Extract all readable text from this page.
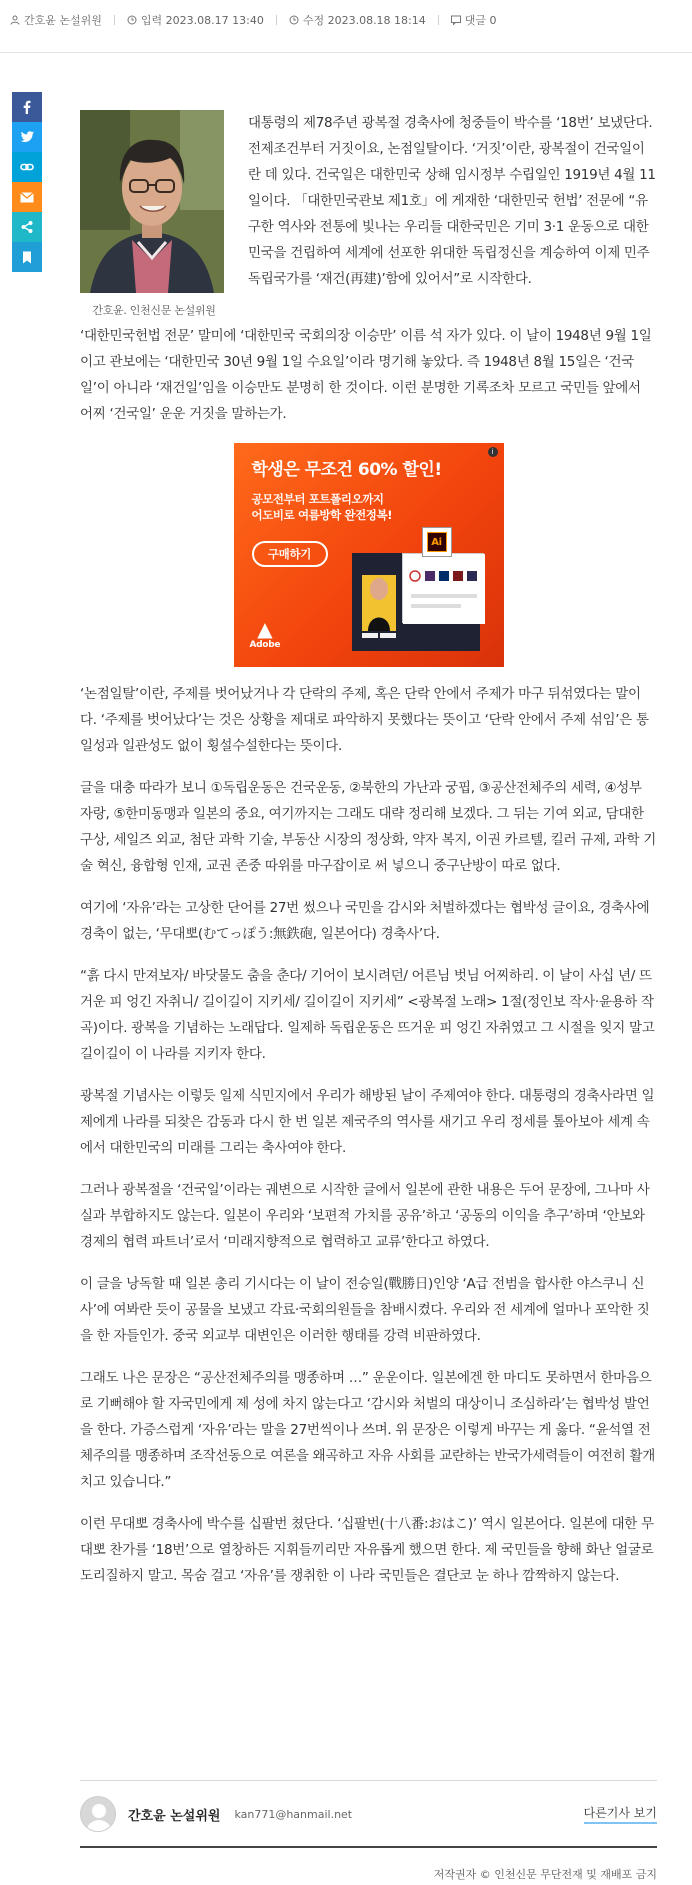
간호윤 논설위원	입력 2023.08.17 13:40	수정 2023.08.18 18:14	댓글 0
간호윤. 인천신문 논설위원

대통령의 제78주년 광복절 경축사에 청중들이 박수를 ‘18번’ 보냈단다. 전제조건부터 거짓이요, 논점일탈이다. ‘거짓’이란, 광복절이 건국일이란 데 있다. 건국일은 대한민국 상해 임시정부 수립일인 1919년 4월 11일이다. 「대한민국관보 제1호」에 게재한 ‘대한민국 헌법’ 전문에 “유구한 역사와 전통에 빛나는 우리들 대한국민은 기미 3·1 운동으로 대한민국을 건립하여 세계에 선포한 위대한 독립정신을 계승하여 이제 민주독립국가를 ‘재건(再建)’함에 있어서”로 시작한다.

‘대한민국헌법 전문’ 말미에 ‘대한민국 국회의장 이승만’ 이름 석 자가 있다. 이 날이 1948년 9월 1일이고 관보에는 ‘대한민국 30년 9월 1일 수요일’이라 명기해 놓았다. 즉 1948년 8월 15일은 ‘건국일’이 아니라 ‘재건일’임을 이승만도 분명히 한 것이다. 이런 분명한 기록조차 모르고 국민들 앞에서 어찌 ‘건국일’ 운운 거짓을 말하는가.

i
학생은 무조건 60% 할인!
공모전부터 포트폴리오까지
어도비로 여름방학 완전정복!
구매하기
Ai
▲
Adobe

‘논점일탈’이란, 주제를 벗어났거나 각 단락의 주제, 혹은 단락 안에서 주제가 마구 뒤섞였다는 말이다. ‘주제를 벗어났다’는 것은 상황을 제대로 파악하지 못했다는 뜻이고 ‘단락 안에서 주제 섞임’은 통일성과 일관성도 없이 횡설수설한다는 뜻이다.

글을 대충 따라가 보니 ①독립운동은 건국운동, ②북한의 가난과 궁핍, ③공산전체주의 세력, ④성부 자랑, ⑤한미동맹과 일본의 중요, 여기까지는 그래도 대략 정리해 보겠다. 그 뒤는 기여 외교, 담대한 구상, 세일즈 외교, 첨단 과학 기술, 부동산 시장의 정상화, 약자 복지, 이권 카르텔, 킬러 규제, 과학 기술 혁신, 융합형 인재, 교권 존중 따위를 마구잡이로 써 넣으니 중구난방이 따로 없다.

여기에 ‘자유’라는 고상한 단어를 27번 썼으나 국민을 감시와 처벌하겠다는 협박성 글이요, 경축사에 경축이 없는, ‘무대뽀(むてっぽう:無鉄砲, 일본어다) 경축사’다.

“흙 다시 만져보자/ 바닷물도 춤을 춘다/ 기어이 보시려던/ 어른님 벗님 어찌하리. 이 날이 사십 년/ 뜨거운 피 엉긴 자취니/ 길이길이 지키세/ 길이길이 지키세” <광복절 노래> 1절(정인보 작사·윤용하 작곡)이다. 광복을 기념하는 노래답다. 일제하 독립운동은 뜨거운 피 엉긴 자취였고 그 시절을 잊지 말고 길이길이 이 나라를 지키자 한다.

광복절 기념사는 이렇듯 일제 식민지에서 우리가 해방된 날이 주제여야 한다. 대통령의 경축사라면 일제에게 나라를 되찾은 감동과 다시 한 번 일본 제국주의 역사를 새기고 우리 정세를 톺아보아 세계 속에서 대한민국의 미래를 그리는 축사여야 한다.

그러나 광복절을 ‘건국일’이라는 궤변으로 시작한 글에서 일본에 관한 내용은 두어 문장에, 그나마 사실과 부합하지도 않는다. 일본이 우리와 ‘보편적 가치를 공유’하고 ‘공동의 이익을 추구’하며 ‘안보와 경제의 협력 파트너’로서 ‘미래지향적으로 협력하고 교류’한다고 하였다.

이 글을 낭독할 때 일본 총리 기시다는 이 날이 전승일(戰勝日)인양 ‘A급 전범을 합사한 야스쿠니 신사’에 여봐란 듯이 공물을 보냈고 각료·국회의원들을 참배시켰다. 우리와 전 세계에 얼마나 포악한 짓을 한 자들인가. 중국 외교부 대변인은 이러한 행태를 강력 비판하였다.

그래도 나은 문장은 “공산전체주의를 맹종하며 …” 운운이다. 일본에겐 한 마디도 못하면서 한마음으로 기뻐해야 할 자국민에게 제 성에 차지 않는다고 ‘감시와 처벌의 대상이니 조심하라’는 협박성 발언을 한다. 가증스럽게 ‘자유’라는 말을 27번씩이나 쓰며. 위 문장은 이렇게 바꾸는 게 옳다. “윤석열 전체주의를 맹종하며 조작선동으로 여론을 왜곡하고 자유 사회를 교란하는 반국가세력들이 여전히 활개치고 있습니다.”

이런 무대뽀 경축사에 박수를 십팔번 쳤단다. ‘십팔번(十八番:おはこ)’ 역시 일본어다. 일본에 대한 무대뽀 찬가를 ‘18번’으로 열창하든 지휘들끼리만 자유롭게 했으면 한다. 제 국민들을 향해 화난 얼굴로 도리질하지 말고. 목숨 걸고 ‘자유’를 쟁취한 이 나라 국민들은 결단코 눈 하나 깜짝하지 않는다.

간호윤 논설위원 kan771@hanmail.net	다른기사 보기
저작권자 © 인천신문 무단전재 및 재배포 금지
